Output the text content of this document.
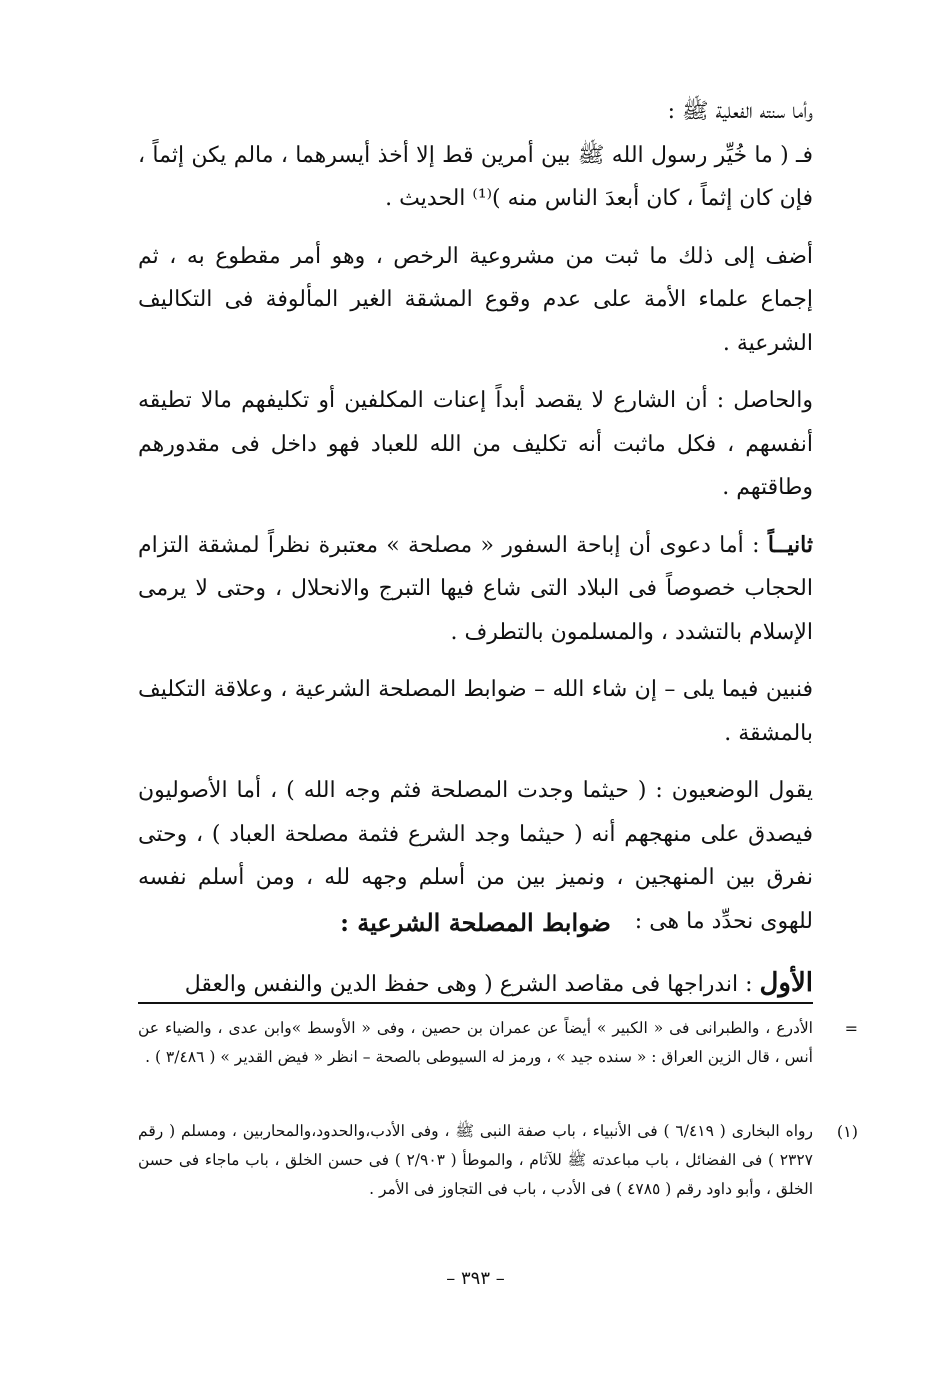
وأما سنته الفعلية ﷺ :

فـ ( ما خُيِّر رسول الله ﷺ بين أمرين قط إلا أخذ أيسرهما ، مالم يكن إثماً ، فإن كان إثماً ، كان أبعدَ الناس منه )⁽¹⁾ الحديث .

أضف إلى ذلك ما ثبت من مشروعية الرخص ، وهو أمر مقطوع به ، ثم إجماع علماء الأمة على عدم وقوع المشقة الغير المألوفة فى التكاليف الشرعية .

والحاصل : أن الشارع لا يقصد أبداً إعنات المكلفين أو تكليفهم مالا تطيقه أنفسهم ، فكل ماثبت أنه تكليف من الله للعباد فهو داخل فى مقدورهم وطاقتهم .

ثانيــاً : أما دعوى أن إباحة السفور « مصلحة » معتبرة نظراً لمشقة التزام الحجاب خصوصاً فى البلاد التى شاع فيها التبرج والانحلال ، وحتى لا يرمى الإسلام بالتشدد ، والمسلمون بالتطرف .

فنبين فيما يلى – إن شاء الله – ضوابط المصلحة الشرعية ، وعلاقة التكليف بالمشقة .

يقول الوضعيون : ( حيثما وجدت المصلحة فثم وجه الله ) ، أما الأصوليون فيصدق على منهجهم أنه ( حيثما وجد الشرع فثمة مصلحة العباد ) ، وحتى نفرق بين المنهجين ، ونميز بين من أسلم وجهه لله ، ومن أسلم نفسه للهوى نحدِّد ما هى :

ضوابط المصلحة الشرعية :

الأول : اندراجها فى مقاصد الشرع ( وهى حفظ الدين والنفس والعقل

=
الأدرع ، والطبرانى فى « الكبير » أيضاً عن عمران بن حصين ، وفى « الأوسط »وابن عدى ، والضياء عن أنس ، قال الزين العراق : « سنده جيد » ، ورمز له السيوطى بالصحة – انظر « فيض القدير » ( ٣/٤٨٦ ) .
(١)
رواه البخارى ( ٦/٤١٩ ) فى الأنبياء ، باب صفة النبى ﷺ ، وفى الأدب،والحدود،والمحاربين ، ومسلم ( رقم ٢٣٢٧ ) فى الفضائل ، باب مباعدته ﷺ للآثام ، والموطأ ( ٢/٩٠٣ ) فى حسن الخلق ، باب ماجاء فى حسن الخلق ، وأبو داود رقم ( ٤٧٨٥ ) فى الأدب ، باب فى التجاوز فى الأمر .
– ٣٩٣ –
